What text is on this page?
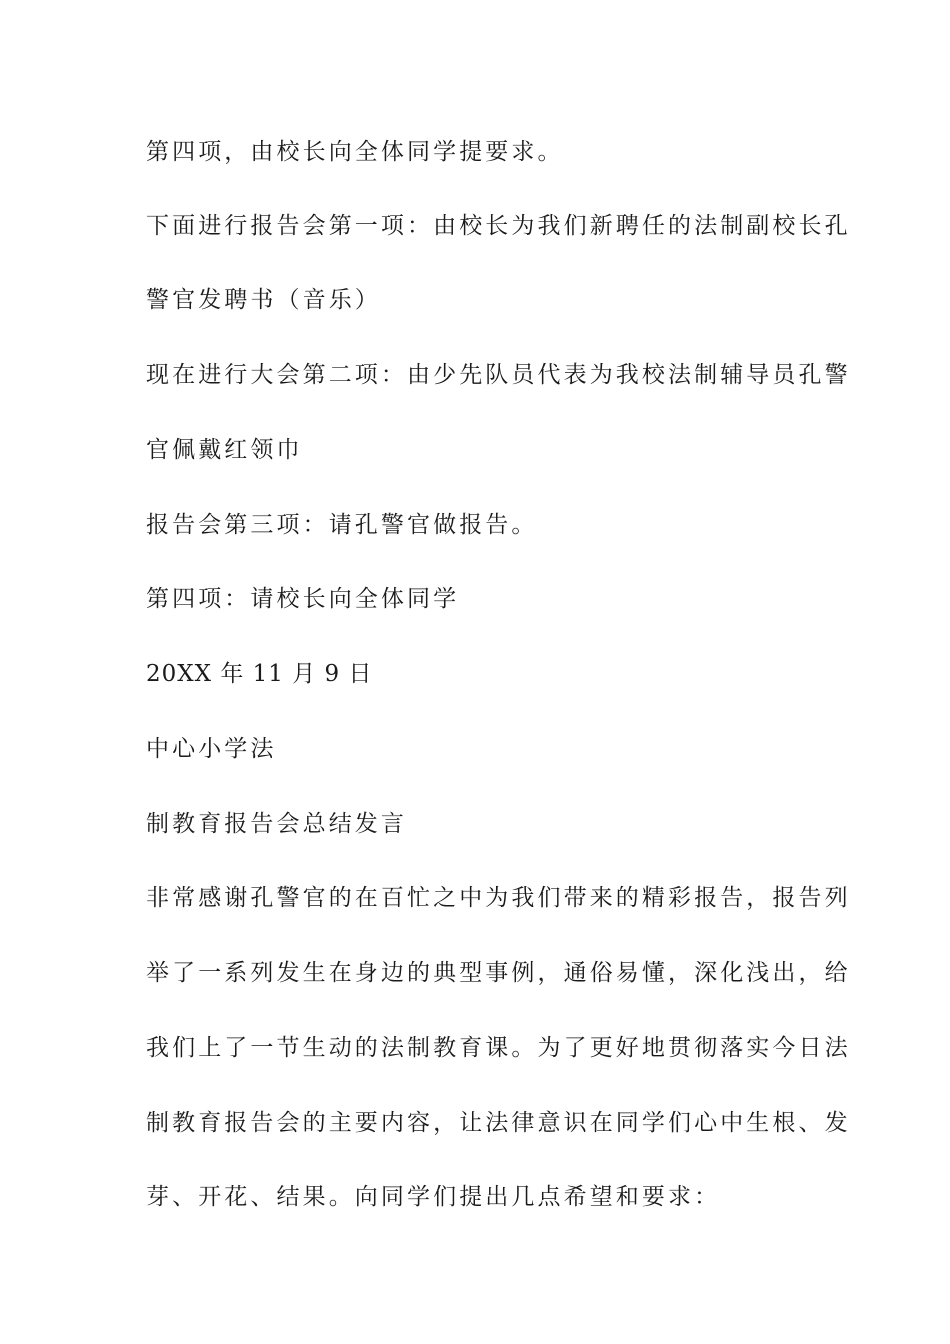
第四项，由校长向全体同学提要求。

下面进行报告会第一项：由校长为我们新聘任的法制副校长孔

警官发聘书（音乐）

现在进行大会第二项：由少先队员代表为我校法制辅导员孔警

官佩戴红领巾

报告会第三项：请孔警官做报告。

第四项：请校长向全体同学

20XX 年 11 月 9 日

中心小学法

制教育报告会总结发言

非常感谢孔警官的在百忙之中为我们带来的精彩报告，报告列

举了一系列发生在身边的典型事例，通俗易懂，深化浅出，给

我们上了一节生动的法制教育课。为了更好地贯彻落实今日法

制教育报告会的主要内容，让法律意识在同学们心中生根、发

芽、开花、结果。向同学们提出几点希望和要求：
